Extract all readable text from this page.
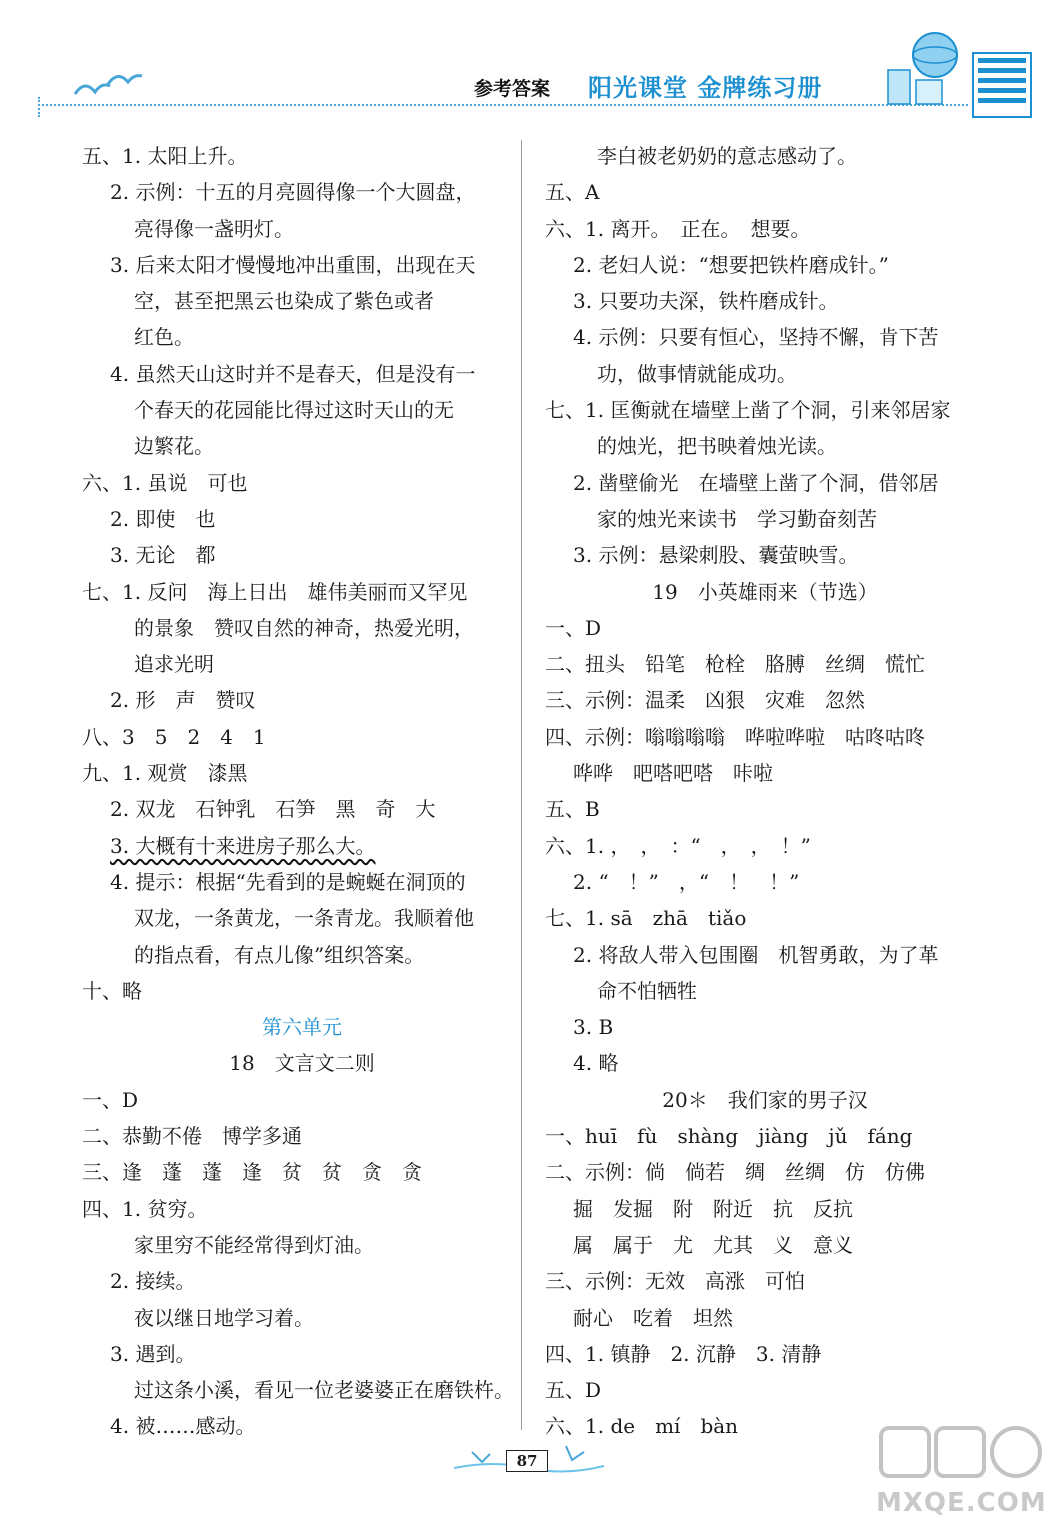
参考答案 阳光课堂 金牌练习册
五、1. 太阳上升。
2. 示例：十五的月亮圆得像一个大圆盘，
亮得像一盏明灯。
3. 后来太阳才慢慢地冲出重围，出现在天
空，甚至把黑云也染成了紫色或者
红色。
4. 虽然天山这时并不是春天，但是没有一
个春天的花园能比得过这时天山的无
边繁花。
六、1. 虽说　可也
2. 即使　也
3. 无论　都
七、1. 反问　海上日出　雄伟美丽而又罕见
的景象　赞叹自然的神奇，热爱光明，
追求光明
2. 形　声　赞叹
八、3　5　2　4　1
九、1. 观赏　漆黑
2. 双龙　石钟乳　石笋　黑　奇　大
3. 大概有十来进房子那么大。
4. 提示：根据“先看到的是蜿蜒在洞顶的
双龙，一条黄龙，一条青龙。我顺着他
的指点看，有点儿像”组织答案。
十、略
第六单元
18　文言文二则
一、D
二、恭勤不倦　博学多通
三、逢　蓬　蓬　逢　贫　贫　贪　贪
四、1. 贫穷。
家里穷不能经常得到灯油。
2. 接续。
夜以继日地学习着。
3. 遇到。
过这条小溪，看见一位老婆婆正在磨铁杵。
4. 被……感动。
李白被老奶奶的意志感动了。
五、A
六、1. 离开。　正在。　想要。
2. 老妇人说：“想要把铁杵磨成针。”
3. 只要功夫深，铁杵磨成针。
4. 示例：只要有恒心，坚持不懈，肯下苦
功，做事情就能成功。
七、1. 匡衡就在墙壁上凿了个洞，引来邻居家
的烛光，把书映着烛光读。
2. 凿壁偷光　在墙壁上凿了个洞，借邻居
家的烛光来读书　学习勤奋刻苦
3. 示例：悬梁刺股、囊萤映雪。
19　小英雄雨来（节选）
一、D
二、扭头　铅笔　枪栓　胳膊　丝绸　慌忙
三、示例：温柔　凶狠　灾难　忽然
四、示例：嗡嗡嗡嗡　哗啦哗啦　咕咚咕咚
哗哗　吧嗒吧嗒　咔啦
五、B
六、1. ，　，　：“　，　，　！”
2. “　！”　，“　！　！”
七、1. sā　zhā　tiǎo
2. 将敌人带入包围圈　机智勇敢，为了革
命不怕牺牲
3. B
4. 略
20＊　我们家的男子汉
一、huī　fù　shàng　jiàng　jǔ　fáng
二、示例：倘　倘若　绸　丝绸　仿　仿佛
掘　发掘　附　附近　抗　反抗
属　属于　尤　尤其　义　意义
三、示例：无效　高涨　可怕
耐心　吃着　坦然
四、1. 镇静　2. 沉静　3. 清静
五、D
六、1. de　mí　bàn
87
MXQE.COM
